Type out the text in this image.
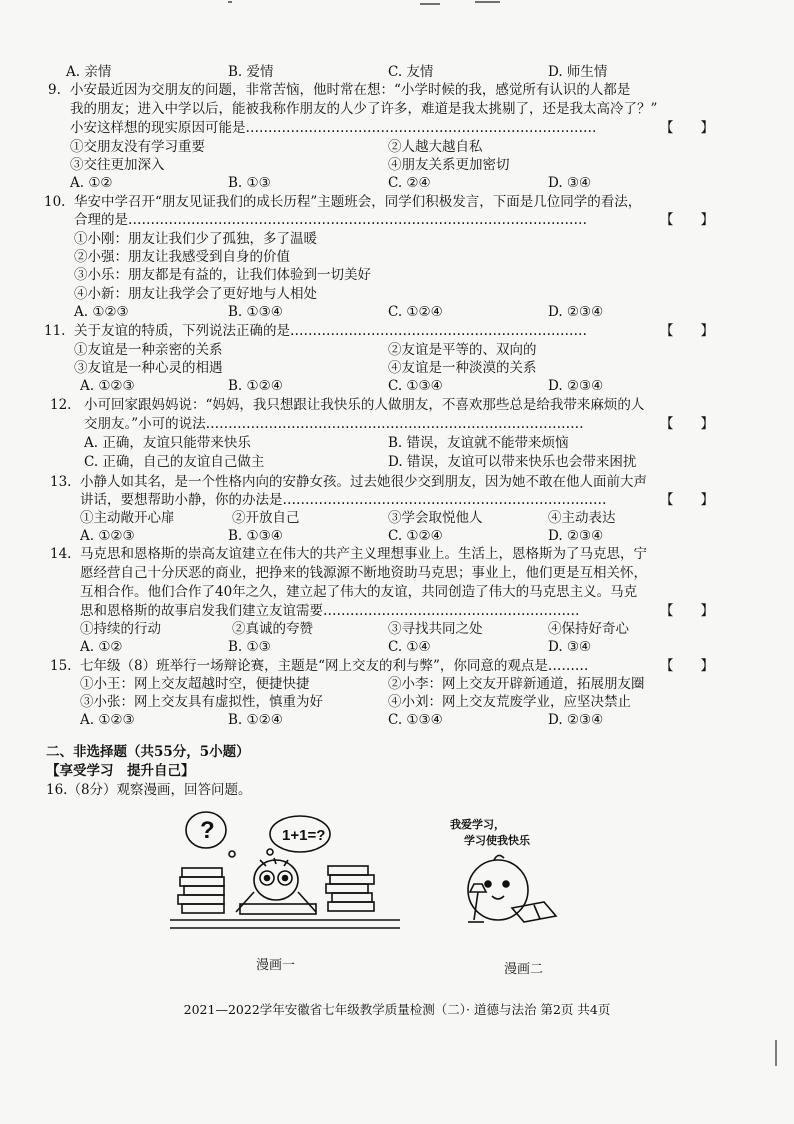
A. 亲情	B. 爱情	C. 友情	D. 师生情
9. 小安最近因为交朋友的问题，非常苦恼，他时常在想：“小学时候的我，感觉所有认识的人都是
我的朋友；进入中学以后，能被我称作朋友的人少了许多，难道是我太挑剔了，还是我太高冷了？”
小安这样想的现实原因可能是……………………………………………………………………	【　　】
①交朋友没有学习重要	②人越大越自私
③交往更加深入	④朋友关系更加密切
A. ①②	B. ①③	C. ②④	D. ③④
10. 华安中学召开“朋友见证我们的成长历程”主题班会，同学们积极发言，下面是几位同学的看法，
合理的是…………………………………………………………………………………………	【　　】
①小刚：朋友让我们少了孤独，多了温暖
②小强：朋友让我感受到自身的价值
③小乐：朋友都是有益的，让我们体验到一切美好
④小新：朋友让我学会了更好地与人相处
A. ①②③	B. ①③④	C. ①②④	D. ②③④
11. 关于友谊的特质，下列说法正确的是…………………………………………………………	【　　】
①友谊是一种亲密的关系	②友谊是平等的、双向的
③友谊是一种心灵的相遇	④友谊是一种淡漠的关系
A. ①②③	B. ①②④	C. ①③④	D. ②③④
12. 小可回家跟妈妈说：“妈妈，我只想跟让我快乐的人做朋友，不喜欢那些总是给我带来麻烦的人
交朋友。”小可的说法…………………………………………………………………………	【　　】
A. 正确，友谊只能带来快乐	B. 错误，友谊就不能带来烦恼
C. 正确，自己的友谊自己做主	D. 错误，友谊可以带来快乐也会带来困扰
13. 小静人如其名，是一个性格内向的安静女孩。过去她很少交到朋友，因为她不敢在他人面前大声
讲话，要想帮助小静，你的办法是………………………………………………………………	【　　】
①主动敞开心扉	②开放自己	③学会取悦他人	④主动表达
A. ①②③	B. ①③④	C. ①②④	D. ②③④
14. 马克思和恩格斯的崇高友谊建立在伟大的共产主义理想事业上。生活上，恩格斯为了马克思，宁
愿经营自己十分厌恶的商业，把挣来的钱源源不断地资助马克思；事业上，他们更是互相关怀，
互相合作。他们合作了40年之久，建立起了伟大的友谊，共同创造了伟大的马克思主义。马克
思和恩格斯的故事启发我们建立友谊需要…………………………………………………	【　　】
①持续的行动	②真诚的夸赞	③寻找共同之处	④保持好奇心
A. ①②	B. ①③	C. ①④	D. ③④
15. 七年级（8）班举行一场辩论赛，主题是“网上交友的利与弊”，你同意的观点是………	【　　】
①小王：网上交友超越时空，便捷快捷	②小李：网上交友开辟新通道，拓展朋友圈
③小张：网上交友具有虚拟性，慎重为好	④小刘：网上交友荒废学业，应坚决禁止
A. ①②③	B. ①②④	C. ①③④	D. ②③④
二、非选择题（共55分，5小题）
【享受学习　提升自己】
16.（8分）观察漫画，回答问题。
?	1+1=?
漫画一
我爱学习，
学习使我快乐
漫画二
2021—2022学年安徽省七年级教学质量检测（二）· 道德与法治 第2页 共4页
